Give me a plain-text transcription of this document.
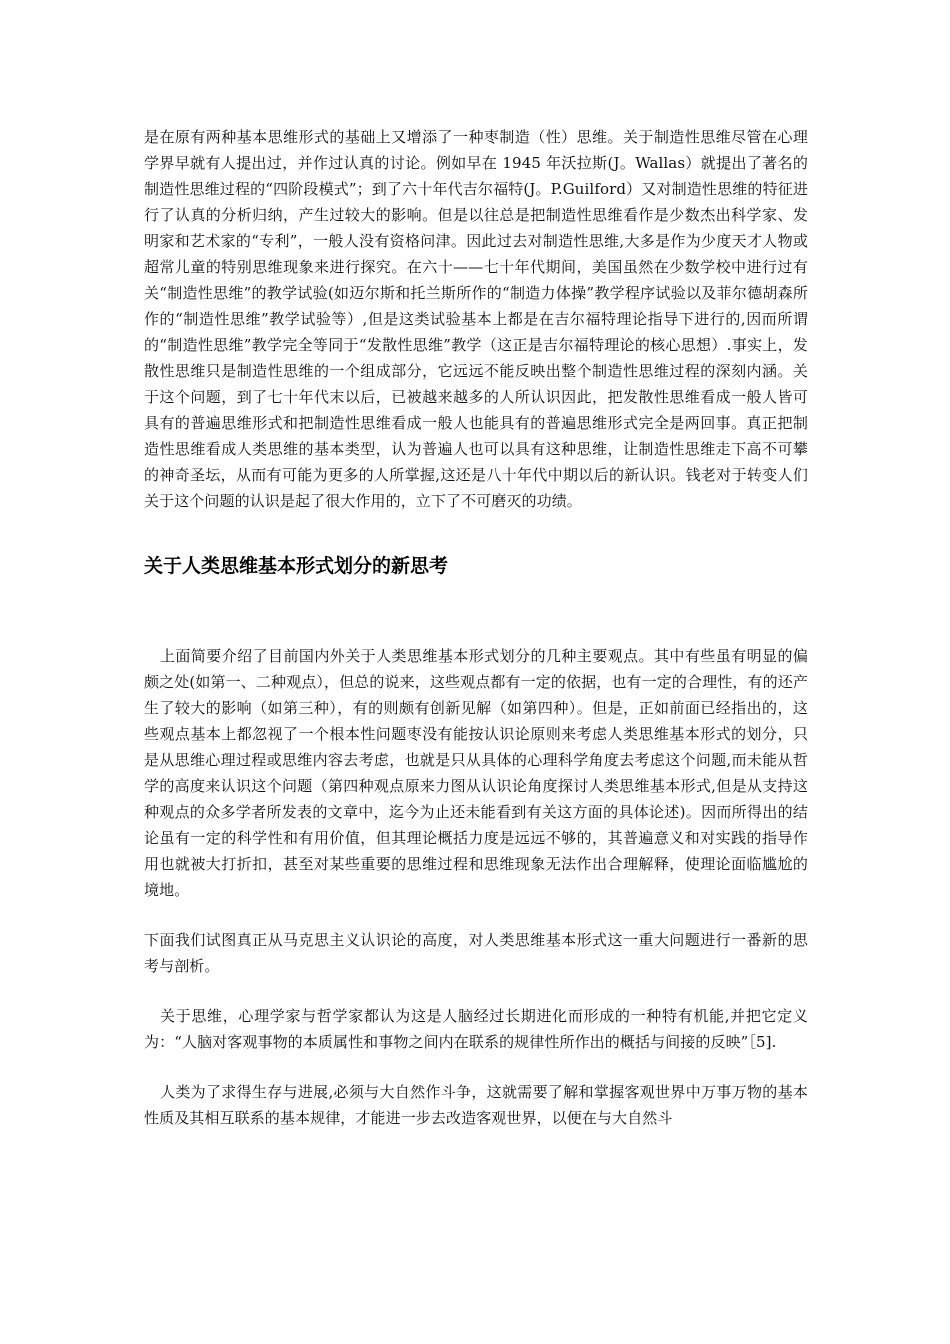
是在原有两种基本思维形式的基础上又增添了一种枣制造（性）思维。关于制造性思维尽管在心理学界早就有人提出过，并作过认真的讨论。例如早在 1945 年沃拉斯(J。Wallas）就提出了著名的制造性思维过程的“四阶段模式”；到了六十年代吉尔福特(J。P.Guilford）又对制造性思维的特征进行了认真的分析归纳，产生过较大的影响。但是以往总是把制造性思维看作是少数杰出科学家、发明家和艺术家的“专利”，一般人没有资格问津。因此过去对制造性思维,大多是作为少度天才人物或超常儿童的特别思维现象来进行探究。在六十——七十年代期间，美国虽然在少数学校中进行过有关“制造性思维”的教学试验(如迈尔斯和托兰斯所作的“制造力体操”教学程序试验以及菲尔德胡森所作的“制造性思维”教学试验等）,但是这类试验基本上都是在吉尔福特理论指导下进行的,因而所谓的“制造性思维”教学完全等同于“发散性思维”教学（这正是吉尔福特理论的核心思想）.事实上，发散性思维只是制造性思维的一个组成部分，它远远不能反映出整个制造性思维过程的深刻内涵。关于这个问题，到了七十年代末以后，已被越来越多的人所认识因此，把发散性思维看成一般人皆可具有的普遍思维形式和把制造性思维看成一般人也能具有的普遍思维形式完全是两回事。真正把制造性思维看成人类思维的基本类型，认为普遍人也可以具有这种思维，让制造性思维走下高不可攀的神奇圣坛，从而有可能为更多的人所掌握,这还是八十年代中期以后的新认识。钱老对于转变人们关于这个问题的认识是起了很大作用的，立下了不可磨灭的功绩。

关于人类思维基本形式划分的新思考

上面简要介绍了目前国内外关于人类思维基本形式划分的几种主要观点。其中有些虽有明显的偏颇之处(如第一、二种观点），但总的说来，这些观点都有一定的依据，也有一定的合理性，有的还产生了较大的影响（如第三种），有的则颇有创新见解（如第四种）。但是，正如前面已经指出的，这些观点基本上都忽视了一个根本性问题枣没有能按认识论原则来考虑人类思维基本形式的划分，只是从思维心理过程或思维内容去考虑，也就是只从具体的心理科学角度去考虑这个问题,而未能从哲学的高度来认识这个问题（第四种观点原来力图从认识论角度探讨人类思维基本形式,但是从支持这种观点的众多学者所发表的文章中，迄今为止还未能看到有关这方面的具体论述)。因而所得出的结论虽有一定的科学性和有用价值，但其理论概括力度是远远不够的，其普遍意义和对实践的指导作用也就被大打折扣，甚至对某些重要的思维过程和思维现象无法作出合理解释，使理论面临尴尬的境地。

下面我们试图真正从马克思主义认识论的高度，对人类思维基本形式这一重大问题进行一番新的思考与剖析。

关于思维，心理学家与哲学家都认为这是人脑经过长期进化而形成的一种特有机能,并把它定义为：“人脑对客观事物的本质属性和事物之间内在联系的规律性所作出的概括与间接的反映”［5].

人类为了求得生存与进展,必须与大自然作斗争，这就需要了解和掌握客观世界中万事万物的基本性质及其相互联系的基本规律，才能进一步去改造客观世界，以便在与大自然斗
